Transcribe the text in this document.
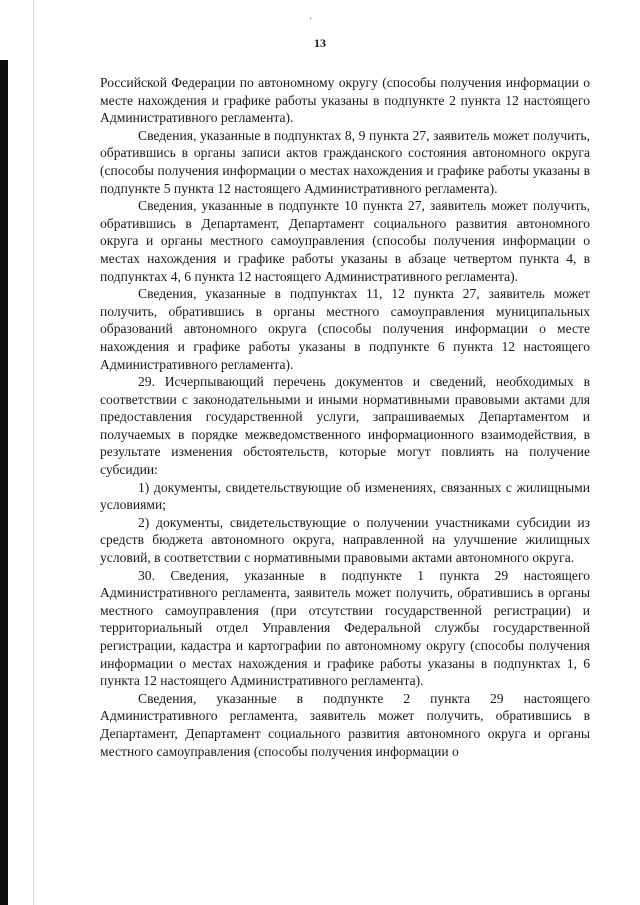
·
13

Российской Федерации по автономному округу (способы получения информации о месте нахождения и графике работы указаны в подпункте 2 пункта 12 настоящего Административного регламента).

Сведения, указанные в подпунктах 8, 9 пункта 27, заявитель может получить, обратившись в органы записи актов гражданского состояния автономного округа (способы получения информации о местах нахождения и графике работы указаны в подпункте 5 пункта 12 настоящего Административного регламента).

Сведения, указанные в подпункте 10 пункта 27, заявитель может получить, обратившись в Департамент, Департамент социального развития автономного округа и органы местного самоуправления (способы получения информации о местах нахождения и графике работы указаны в абзаце четвертом пункта 4, в подпунктах 4, 6 пункта 12 настоящего Административного регламента).

Сведения, указанные в подпунктах 11, 12 пункта 27, заявитель может получить, обратившись в органы местного самоуправления муниципальных образований автономного округа (способы получения информации о месте нахождения и графике работы указаны в подпункте 6 пункта 12 настоящего Административного регламента).

29. Исчерпывающий перечень документов и сведений, необходимых в соответствии с законодательными и иными нормативными правовыми актами для предоставления государственной услуги, запрашиваемых Департаментом и получаемых в порядке межведомственного информационного взаимодействия, в результате изменения обстоятельств, которые могут повлиять на получение субсидии:

1) документы, свидетельствующие об изменениях, связанных с жилищными условиями;

2) документы, свидетельствующие о получении участниками субсидии из средств бюджета автономного округа, направленной на улучшение жилищных условий, в соответствии с нормативными правовыми актами автономного округа.

30. Сведения, указанные в подпункте 1 пункта 29 настоящего Административного регламента, заявитель может получить, обратившись в органы местного самоуправления (при отсутствии государственной регистрации) и территориальный отдел Управления Федеральной службы государственной регистрации, кадастра и картографии по автономному округу (способы получения информации о местах нахождения и графике работы указаны в подпунктах 1, 6 пункта 12 настоящего Административного регламента).

Сведения, указанные в подпункте 2 пункта 29 настоящего Административного регламента, заявитель может получить, обратившись в Департамент, Департамент социального развития автономного округа и органы местного самоуправления (способы получения информации о
